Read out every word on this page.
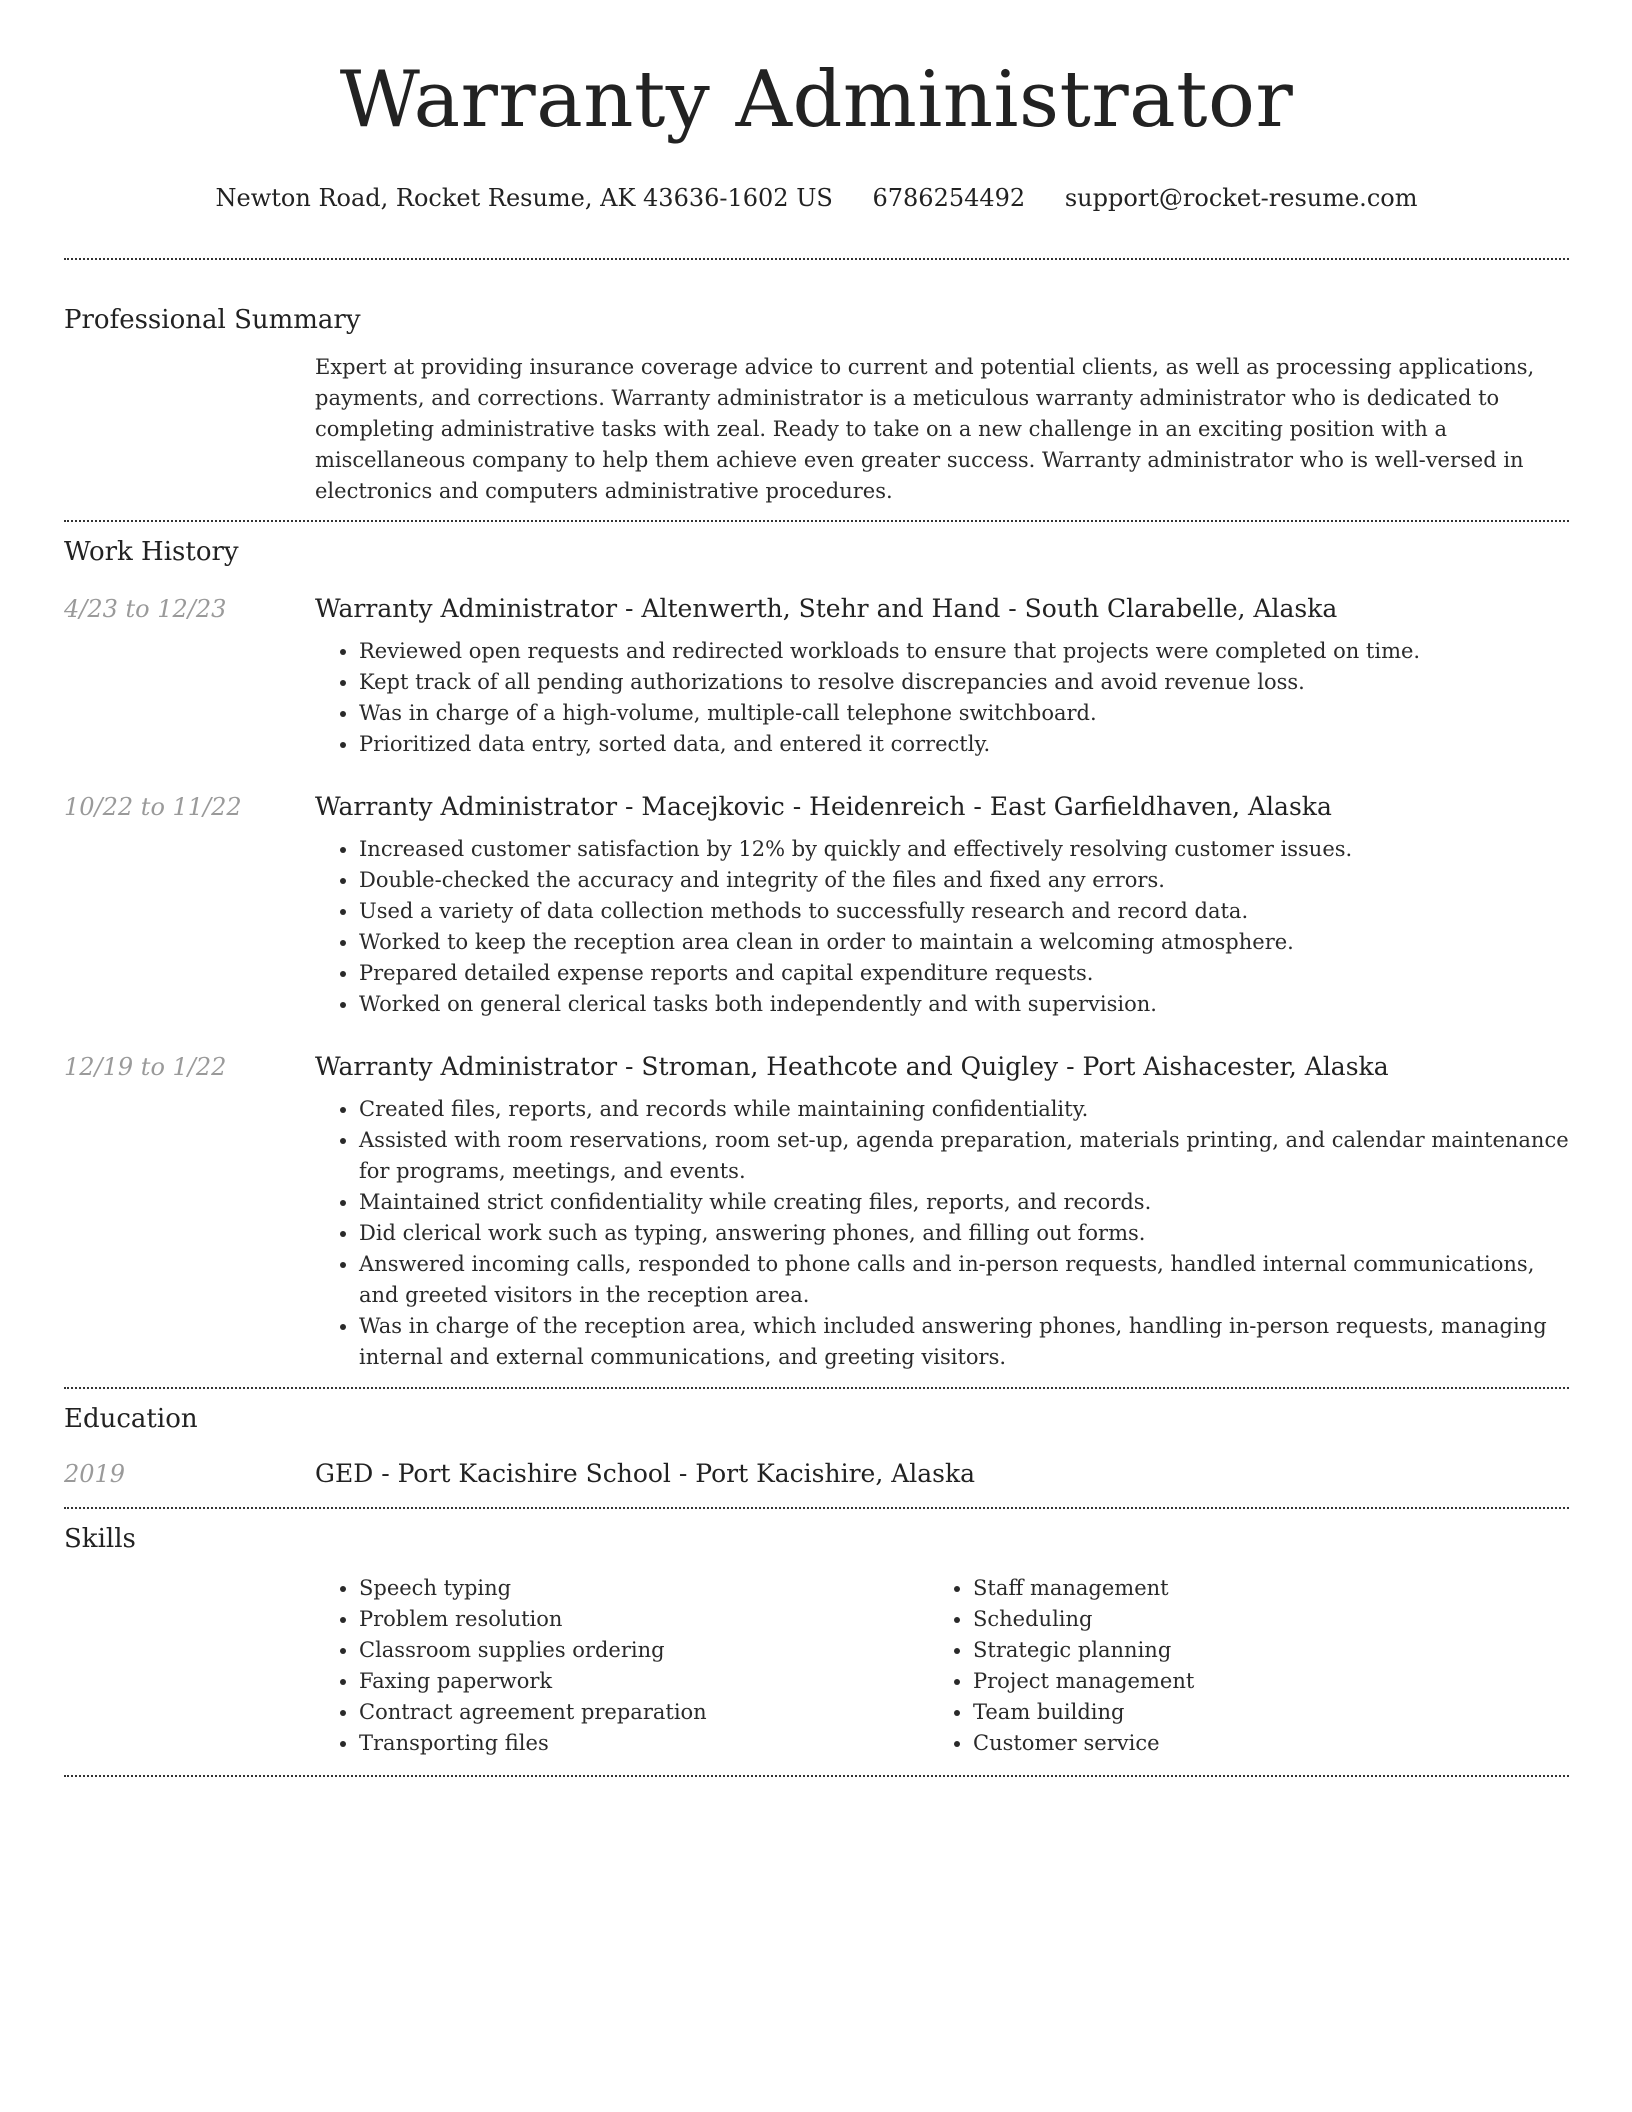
Warranty Administrator
Newton Road, Rocket Resume, AK 43636-1602 US 6786254492 support@rocket-resume.com
Professional Summary
Expert at providing insurance coverage advice to current and potential clients, as well as processing applications, payments, and corrections. Warranty administrator is a meticulous warranty administrator who is dedicated to completing administrative tasks with zeal. Ready to take on a new challenge in an exciting position with a miscellaneous company to help them achieve even greater success. Warranty administrator who is well-versed in electronics and computers administrative procedures.
Work History
4/23 to 12/23	Warranty Administrator - Altenwerth, Stehr and Hand - South Clarabelle, Alaska
• Reviewed open requests and redirected workloads to ensure that projects were completed on time.
• Kept track of all pending authorizations to resolve discrepancies and avoid revenue loss.
• Was in charge of a high-volume, multiple-call telephone switchboard.
• Prioritized data entry, sorted data, and entered it correctly.
10/22 to 11/22	Warranty Administrator - Macejkovic - Heidenreich - East Garfieldhaven, Alaska
• Increased customer satisfaction by 12% by quickly and effectively resolving customer issues.
• Double-checked the accuracy and integrity of the files and fixed any errors.
• Used a variety of data collection methods to successfully research and record data.
• Worked to keep the reception area clean in order to maintain a welcoming atmosphere.
• Prepared detailed expense reports and capital expenditure requests.
• Worked on general clerical tasks both independently and with supervision.
12/19 to 1/22	Warranty Administrator - Stroman, Heathcote and Quigley - Port Aishacester, Alaska
• Created files, reports, and records while maintaining confidentiality.
• Assisted with room reservations, room set-up, agenda preparation, materials printing, and calendar maintenance for programs, meetings, and events.
• Maintained strict confidentiality while creating files, reports, and records.
• Did clerical work such as typing, answering phones, and filling out forms.
• Answered incoming calls, responded to phone calls and in-person requests, handled internal communications, and greeted visitors in the reception area.
• Was in charge of the reception area, which included answering phones, handling in-person requests, managing internal and external communications, and greeting visitors.
Education
2019	GED - Port Kacishire School - Port Kacishire, Alaska
Skills
• Speech typing
• Problem resolution
• Classroom supplies ordering
• Faxing paperwork
• Contract agreement preparation
• Transporting files
• Staff management
• Scheduling
• Strategic planning
• Project management
• Team building
• Customer service
